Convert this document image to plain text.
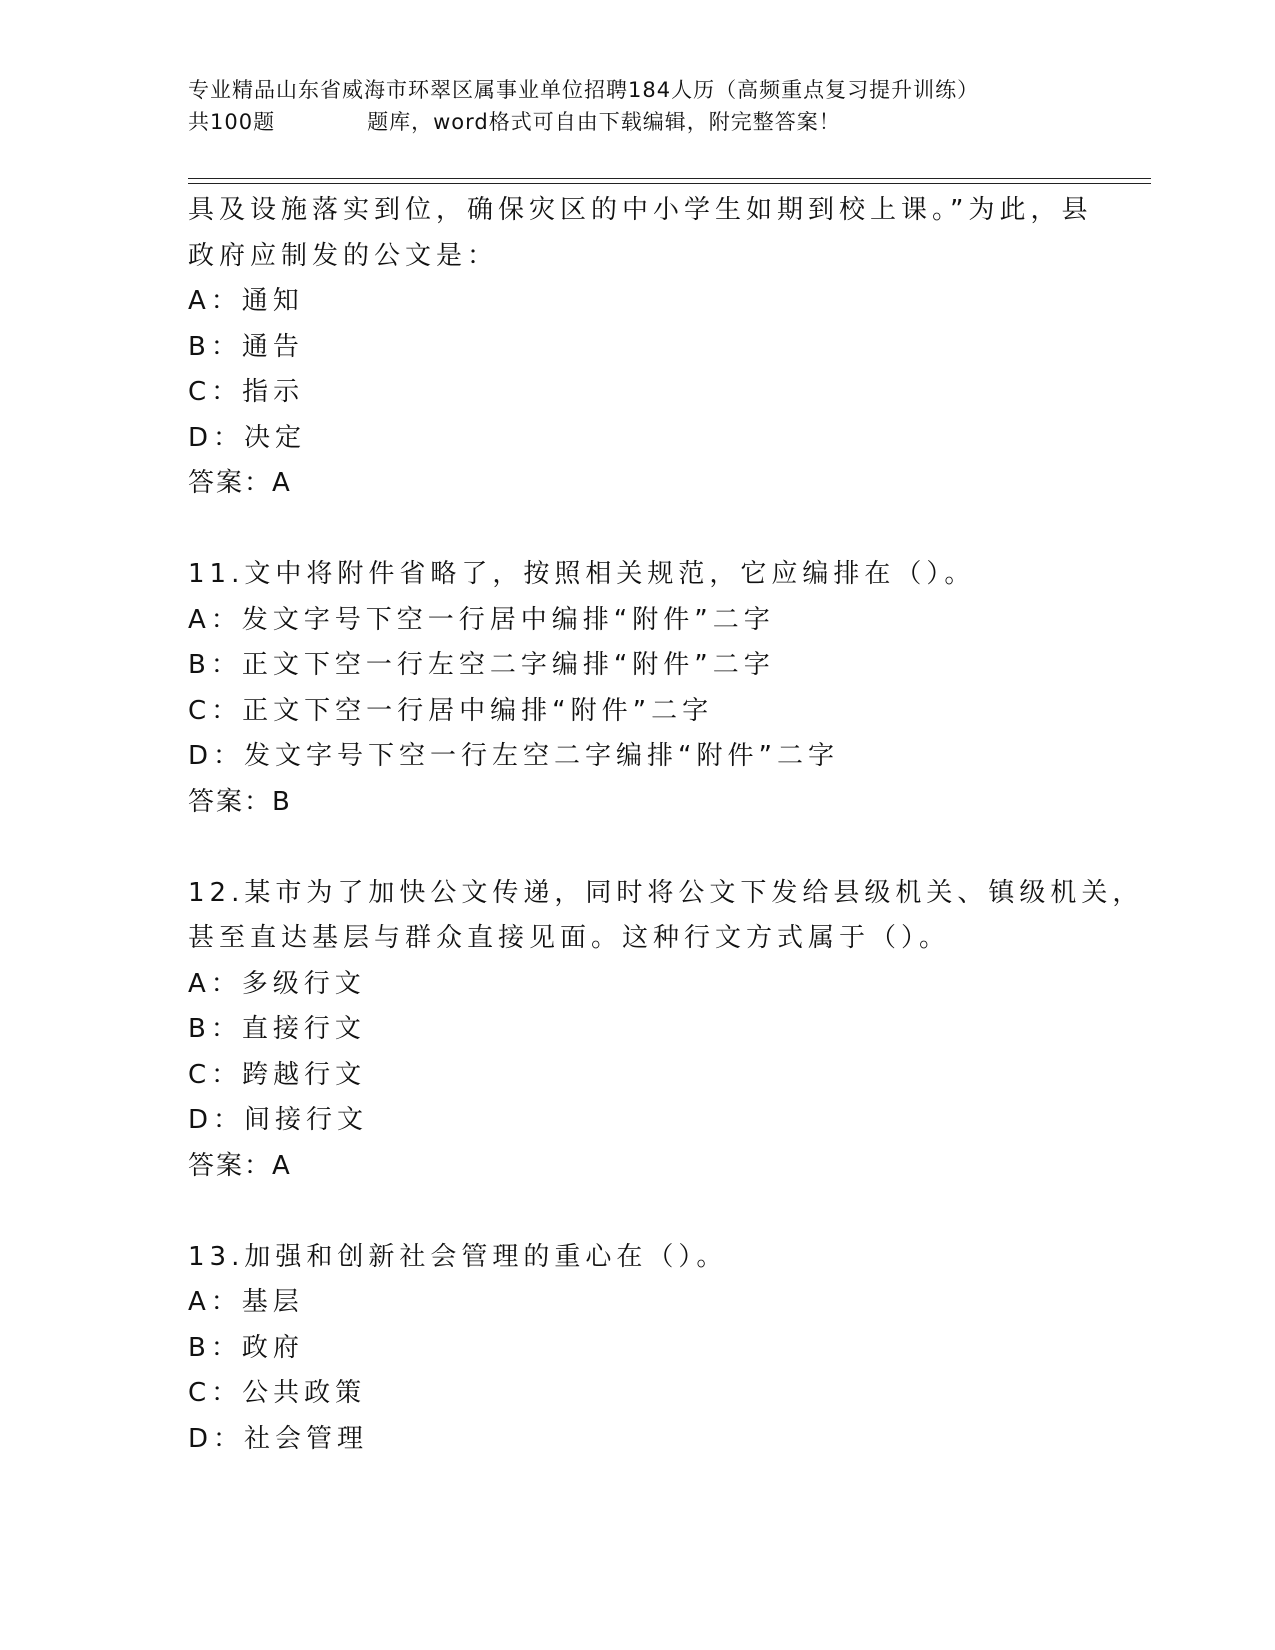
专业精品山东省威海市环翠区属事业单位招聘184人历（高频重点复习提升训练）
共100题	题库，word格式可自由下载编辑，附完整答案！
具及设施落实到位，确保灾区的中小学生如期到校上课。”为此，县
政府应制发的公文是：
A：通知
B：通告
C：指示
D：决定
答案：A
11.文中将附件省略了，按照相关规范，它应编排在（）。
A：发文字号下空一行居中编排“附件”二字
B：正文下空一行左空二字编排“附件”二字
C：正文下空一行居中编排“附件”二字
D：发文字号下空一行左空二字编排“附件”二字
答案：B
12.某市为了加快公文传递，同时将公文下发给县级机关、镇级机关，
甚至直达基层与群众直接见面。这种行文方式属于（）。
A：多级行文
B：直接行文
C：跨越行文
D：间接行文
答案：A
13.加强和创新社会管理的重心在（）。
A：基层
B：政府
C：公共政策
D：社会管理
